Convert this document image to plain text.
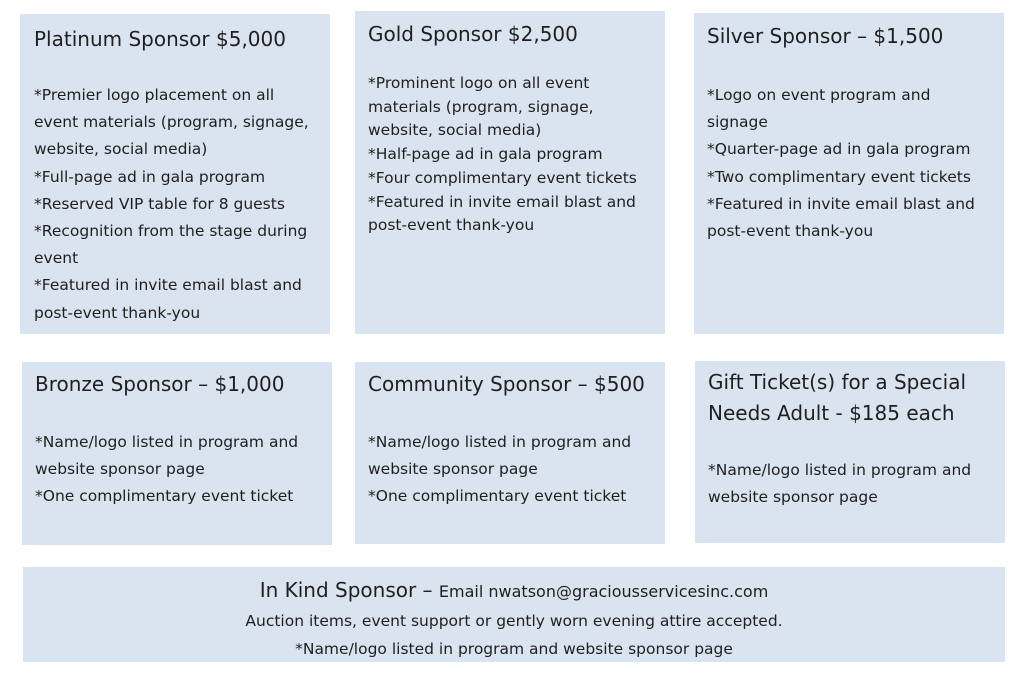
Platinum Sponsor $5,000
*Premier logo placement on all
event materials (program, signage,
website, social media)
*Full-page ad in gala program
*Reserved VIP table for 8 guests
*Recognition from the stage during
event
*Featured in invite email blast and
post-event thank-you
Gold Sponsor $2,500
*Prominent logo on all event
materials (program, signage,
website, social media)
*Half-page ad in gala program
*Four complimentary event tickets
*Featured in invite email blast and
post-event thank-you
Silver Sponsor – $1,500
*Logo on event program and
signage
*Quarter-page ad in gala program
*Two complimentary event tickets
*Featured in invite email blast and
post-event thank-you
Bronze Sponsor – $1,000
*Name/logo listed in program and
website sponsor page
*One complimentary event ticket
Community Sponsor – $500
*Name/logo listed in program and
website sponsor page
*One complimentary event ticket
Gift Ticket(s) for a Special
Needs Adult - $185 each
*Name/logo listed in program and
website sponsor page
In Kind Sponsor – Email nwatson@graciousservicesinc.com
Auction items, event support or gently worn evening attire accepted.
*Name/logo listed in program and website sponsor page
